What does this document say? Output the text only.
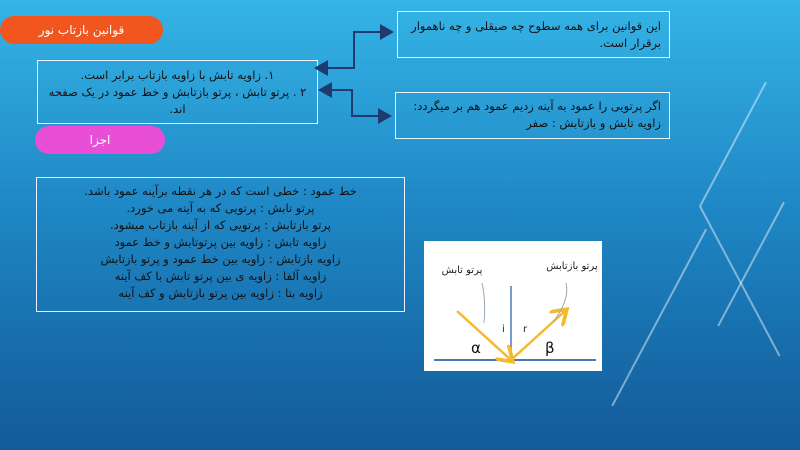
قوانین بازتاب نور
اجزا
۱. زاویه تابش با زاویه بازتاب برابر است.
۲ . پرتو تابش ، پرتو بازتابش و خط عمود در یک صفحه
اند.
این قوانین برای همه سطوح چه صیقلی و چه ناهموار
برقرار است.
اگر پرتویی را عمود به آینه زدیم عمود هم بر میگردد:
زاویه تابش و بازتابش : صفر
خط عمود : خطی است که در هر نقطه برآینه عمود باشد.
پرتو تابش : پرتویی که به آینه می خورد.
پرتو بازتابش : پرتویی که از آینه بازتاب میشود.
زاویه تابش : زاویه بین پرتوتابش و خط عمود
زاویه بازتابش : زاویه بین خط عمود و پرتو بازتابش
زاویه آلفا : زاویه ی بین پرتو تابش با کف آینه
زاویه بتا : زاویه بین پرتو بازتابش و کف آینه
پرتو تابش	پرتو بازتابش
i r
α	β
